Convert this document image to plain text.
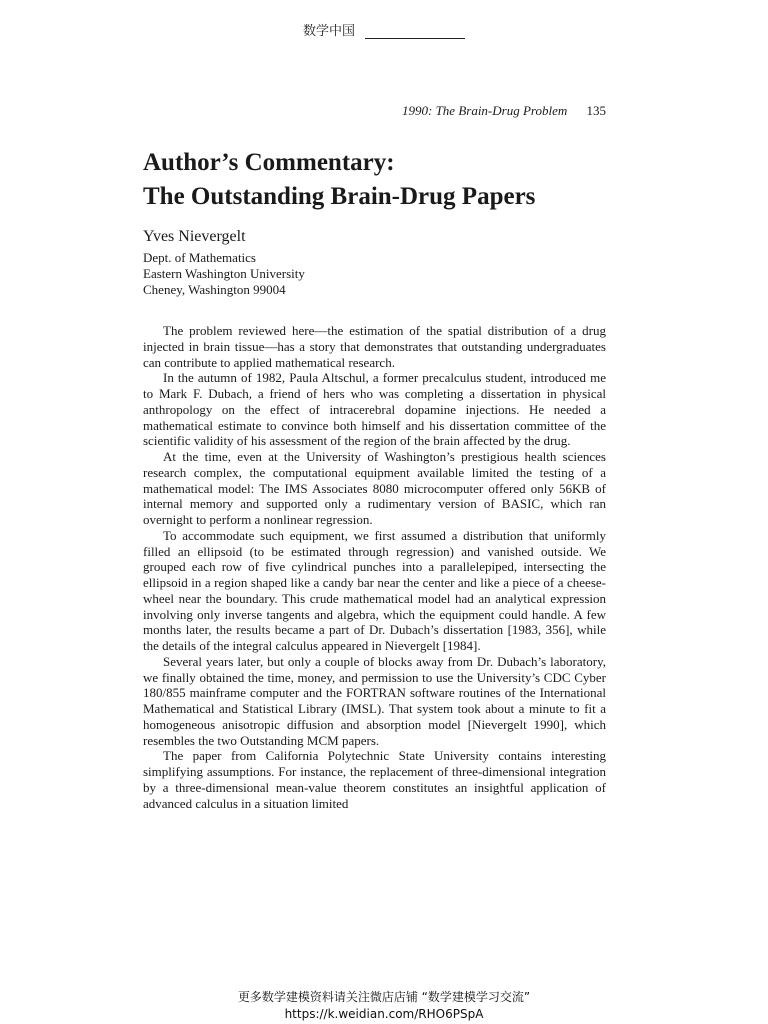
数学中国
1990: The Brain-Drug Problem 135
Author’s Commentary:
The Outstanding Brain-Drug Papers
Yves Nievergelt
Dept. of Mathematics
Eastern Washington University
Cheney, Washington 99004

The problem reviewed here—the estimation of the spatial distribution of a drug injected in brain tissue—has a story that demonstrates that outstanding undergraduates can contribute to applied mathematical research.

In the autumn of 1982, Paula Altschul, a former precalculus student, introduced me to Mark F. Dubach, a friend of hers who was completing a dissertation in physical anthropology on the effect of intracerebral dopamine injections. He needed a mathematical estimate to convince both himself and his dissertation committee of the scientific validity of his assessment of the region of the brain affected by the drug.

At the time, even at the University of Washington’s prestigious health sciences research complex, the computational equipment available limited the testing of a mathematical model: The IMS Associates 8080 microcomputer offered only 56KB of internal memory and supported only a rudimentary version of BASIC, which ran overnight to perform a nonlinear regression.

To accommodate such equipment, we first assumed a distribution that uniformly filled an ellipsoid (to be estimated through regression) and vanished outside. We grouped each row of five cylindrical punches into a parallelepiped, intersecting the ellipsoid in a region shaped like a candy bar near the center and like a piece of a cheese-wheel near the boundary. This crude mathematical model had an analytical expression involving only inverse tangents and algebra, which the equipment could handle. A few months later, the results became a part of Dr. Dubach’s dissertation [1983, 356], while the details of the integral calculus appeared in Nievergelt [1984].

Several years later, but only a couple of blocks away from Dr. Dubach’s laboratory, we finally obtained the time, money, and permission to use the University’s CDC Cyber 180/855 mainframe computer and the FORTRAN software routines of the International Mathematical and Statistical Library (IMSL). That system took about a minute to fit a homogeneous anisotropic diffusion and absorption model [Nievergelt 1990], which resembles the two Outstanding MCM papers.

The paper from California Polytechnic State University contains interesting simplifying assumptions. For instance, the replacement of three-dimensional integration by a three-dimensional mean-value theorem constitutes an insightful application of advanced calculus in a situation limited

更多数学建模资料请关注微店店铺 “数学建模学习交流”
https://k.weidian.com/RHO6PSpA
